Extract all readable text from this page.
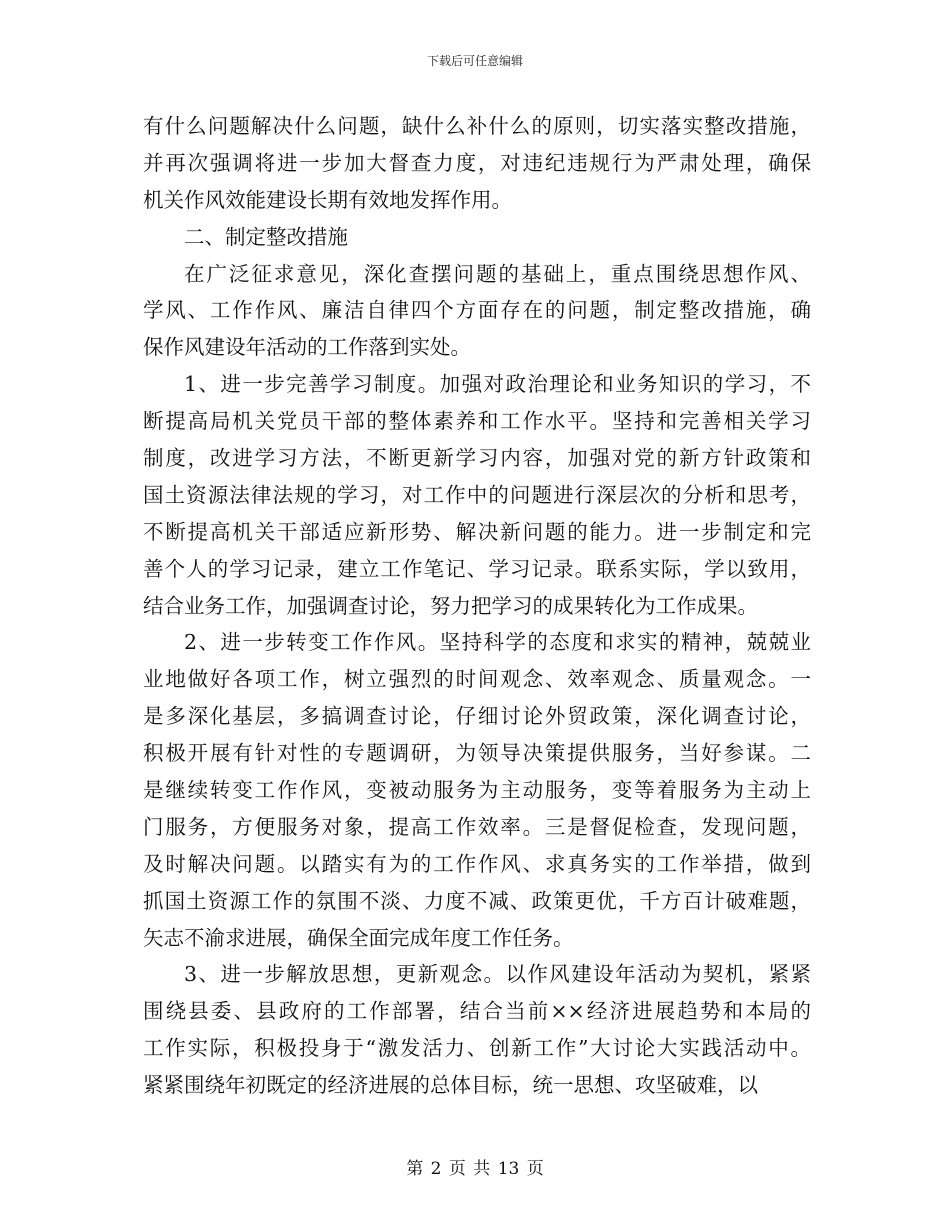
下载后可任意编辑
有什么问题解决什么问题，缺什么补什么的原则，切实落实整改措施，
并再次强调将进一步加大督查力度，对违纪违规行为严肃处理，确保
机关作风效能建设长期有效地发挥作用。
二、制定整改措施
在广泛征求意见，深化查摆问题的基础上，重点围绕思想作风、
学风、工作作风、廉洁自律四个方面存在的问题，制定整改措施，确
保作风建设年活动的工作落到实处。
1、进一步完善学习制度。加强对政治理论和业务知识的学习，不
断提高局机关党员干部的整体素养和工作水平。坚持和完善相关学习
制度，改进学习方法，不断更新学习内容，加强对党的新方针政策和
国土资源法律法规的学习，对工作中的问题进行深层次的分析和思考，
不断提高机关干部适应新形势、解决新问题的能力。进一步制定和完
善个人的学习记录，建立工作笔记、学习记录。联系实际，学以致用，
结合业务工作，加强调查讨论，努力把学习的成果转化为工作成果。
2、进一步转变工作作风。坚持科学的态度和求实的精神，兢兢业
业地做好各项工作，树立强烈的时间观念、效率观念、质量观念。一
是多深化基层，多搞调查讨论，仔细讨论外贸政策，深化调查讨论，
积极开展有针对性的专题调研，为领导决策提供服务，当好参谋。二
是继续转变工作作风，变被动服务为主动服务，变等着服务为主动上
门服务，方便服务对象，提高工作效率。三是督促检查，发现问题，
及时解决问题。以踏实有为的工作作风、求真务实的工作举措，做到
抓国土资源工作的氛围不淡、力度不减、政策更优，千方百计破难题，
矢志不渝求进展，确保全面完成年度工作任务。
3、进一步解放思想，更新观念。以作风建设年活动为契机，紧紧
围绕县委、县政府的工作部署，结合当前××经济进展趋势和本局的
工作实际，积极投身于“激发活力、创新工作”大讨论大实践活动中。
紧紧围绕年初既定的经济进展的总体目标，统一思想、攻坚破难，以
第 2 页 共 13 页
